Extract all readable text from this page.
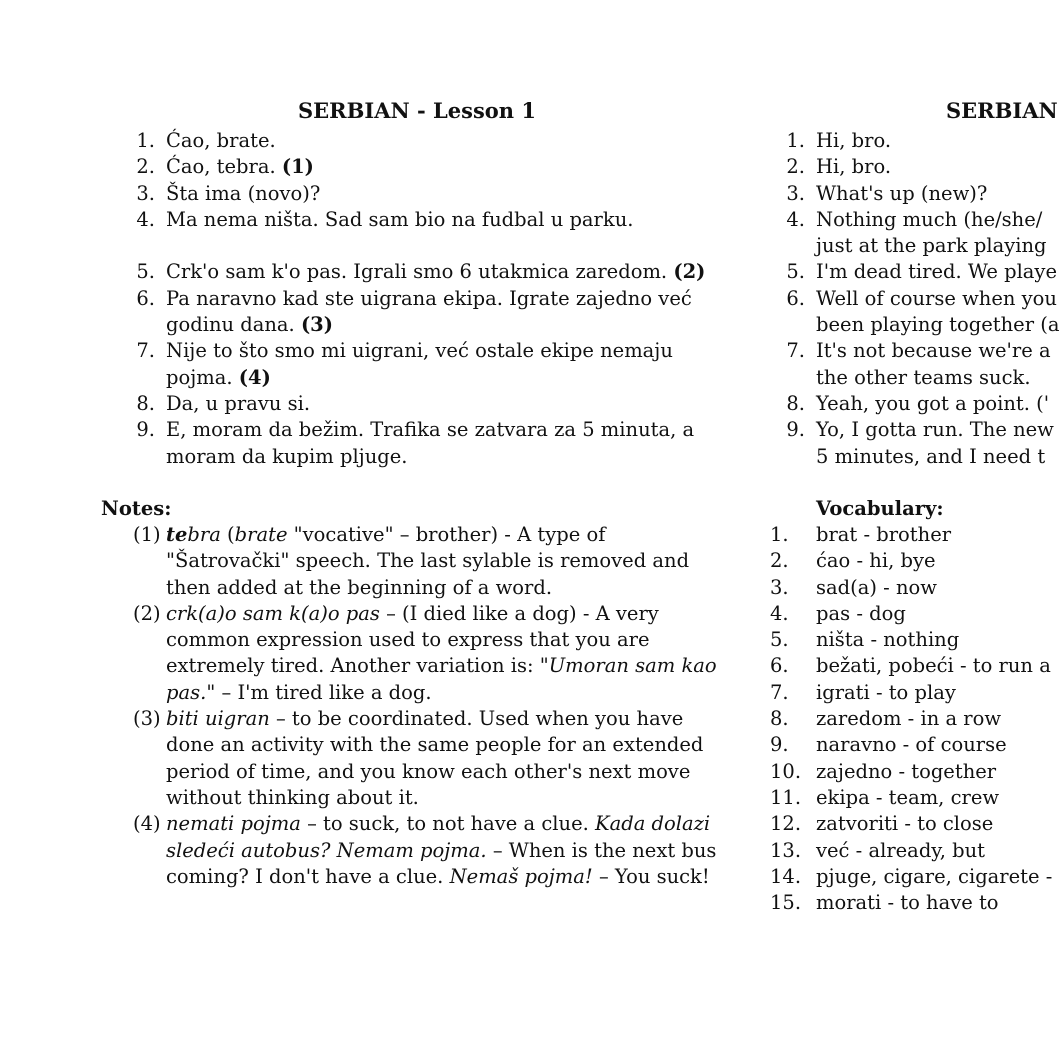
SERBIAN - Lesson 1
1. Ćao, brate.
2. Ćao, tebra. (1)
3. Šta ima (novo)?
4. Ma nema ništa. Sad sam bio na fudbal u parku.
5. Crk'o sam k'o pas. Igrali smo 6 utakmica zaredom. (2)
6. Pa naravno kad ste uigrana ekipa. Igrate zajedno već
godinu dana. (3)
7. Nije to što smo mi uigrani, već ostale ekipe nemaju
pojma. (4)
8. Da, u pravu si.
9. E, moram da bežim. Trafika se zatvara za 5 minuta, a
moram da kupim pljuge.
Notes:
(1) tebra (brate "vocative" – brother) - A type of
"Šatrovački" speech. The last sylable is removed and
then added at the beginning of a word.
(2) crk(a)o sam k(a)o pas – (I died like a dog) - A very
common expression used to express that you are
extremely tired. Another variation is: "Umoran sam kao
pas." – I'm tired like a dog.
(3) biti uigran – to be coordinated. Used when you have
done an activity with the same people for an extended
period of time, and you know each other's next move
without thinking about it.
(4) nemati pojma – to suck, to not have a clue. Kada dolazi
sledeći autobus? Nemam pojma. – When is the next bus
coming? I don't have a clue. Nemaš pojma! – You suck!
SERBIAN
1. Hi, bro.
2. Hi, bro.
3. What's up (new)?
4. Nothing much (he/she/
just at the park playing
5. I'm dead tired. We playe
6. Well of course when you
been playing together (a
7. It's not because we're a
the other teams suck.
8. Yeah, you got a point. ('
9. Yo, I gotta run. The new
5 minutes, and I need t
Vocabulary:
1. brat - brother
2. ćao - hi, bye
3. sad(a) - now
4. pas - dog
5. ništa - nothing
6. bežati, pobeći - to run a
7. igrati - to play
8. zaredom - in a row
9. naravno - of course
10. zajedno - together
11. ekipa - team, crew
12. zatvoriti - to close
13. već - already, but
14. pjuge, cigare, cigarete -
15. morati - to have to
